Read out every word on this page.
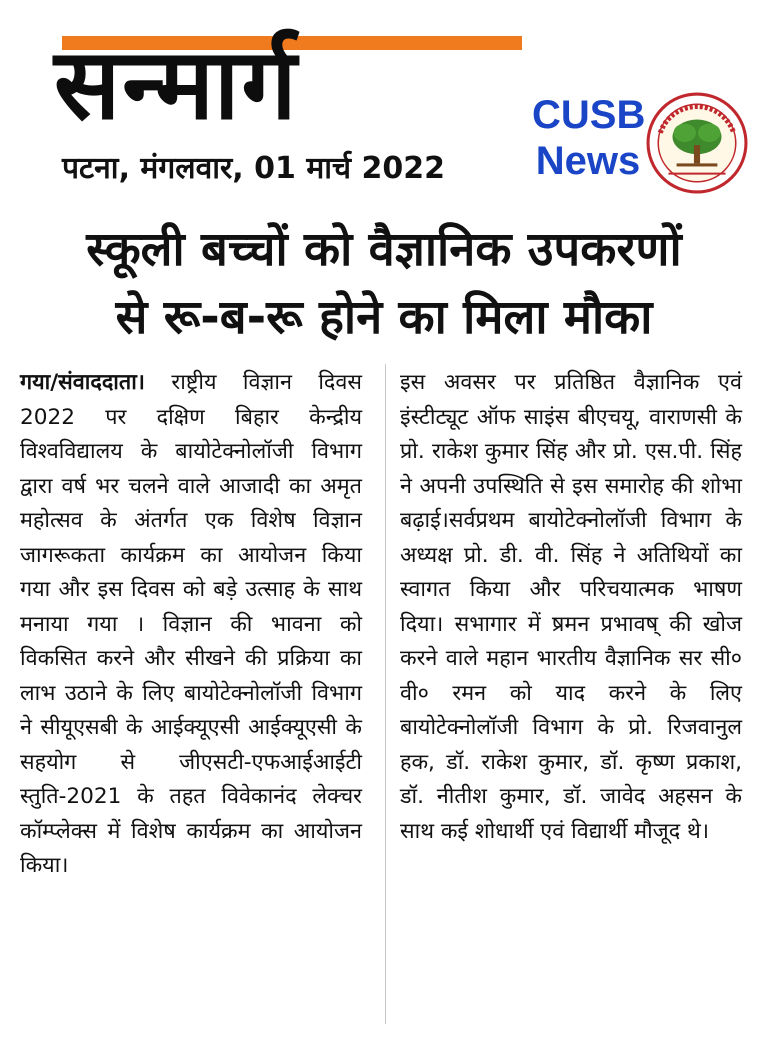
सन्मार्ग
पटना, मंगलवार, 01 मार्च 2022
CUSB
News
स्कूली बच्चों को वैज्ञानिक उपकरणों
से रू-ब-रू होने का मिला मौका

गया/संवाददाता। राष्ट्रीय विज्ञान दिवस 2022 पर दक्षिण बिहार केन्द्रीय विश्वविद्यालय के बायोटेक्नोलॉजी विभाग द्वारा वर्ष भर चलने वाले आजादी का अमृत महोत्सव के अंतर्गत एक विशेष विज्ञान जागरूकता कार्यक्रम का आयोजन किया गया और इस दिवस को बड़े उत्साह के साथ मनाया गया । विज्ञान की भावना को विकसित करने और सीखने की प्रक्रिया का लाभ उठाने के लिए बायोटेक्नोलॉजी विभाग ने सीयूएसबी के आईक्यूएसी आईक्यूएसी के सहयोग से जीएसटी-एफआईआईटी स्तुति-2021 के तहत विवेकानंद लेक्चर कॉम्प्लेक्स में विशेष कार्यक्रम का आयोजन किया।

इस अवसर पर प्रतिष्ठित वैज्ञानिक एवं इंस्टीट्यूट ऑफ साइंस बीएचयू, वाराणसी के प्रो. राकेश कुमार सिंह और प्रो. एस.पी. सिंह ने अपनी उपस्थिति से इस समारोह की शोभा बढ़ाई।सर्वप्रथम बायोटेक्नोलॉजी विभाग के अध्यक्ष प्रो. डी. वी. सिंह ने अतिथियों का स्वागत किया और परिचयात्मक भाषण दिया। सभागार में ष्रमन प्रभावष् की खोज करने वाले महान भारतीय वैज्ञानिक सर सी० वी० रमन को याद करने के लिए बायोटेक्नोलॉजी विभाग के प्रो. रिजवानुल हक, डॉ. राकेश कुमार, डॉ. कृष्ण प्रकाश, डॉ. नीतीश कुमार, डॉ. जावेद अहसन के साथ कई शोधार्थी एवं विद्यार्थी मौजूद थे।
